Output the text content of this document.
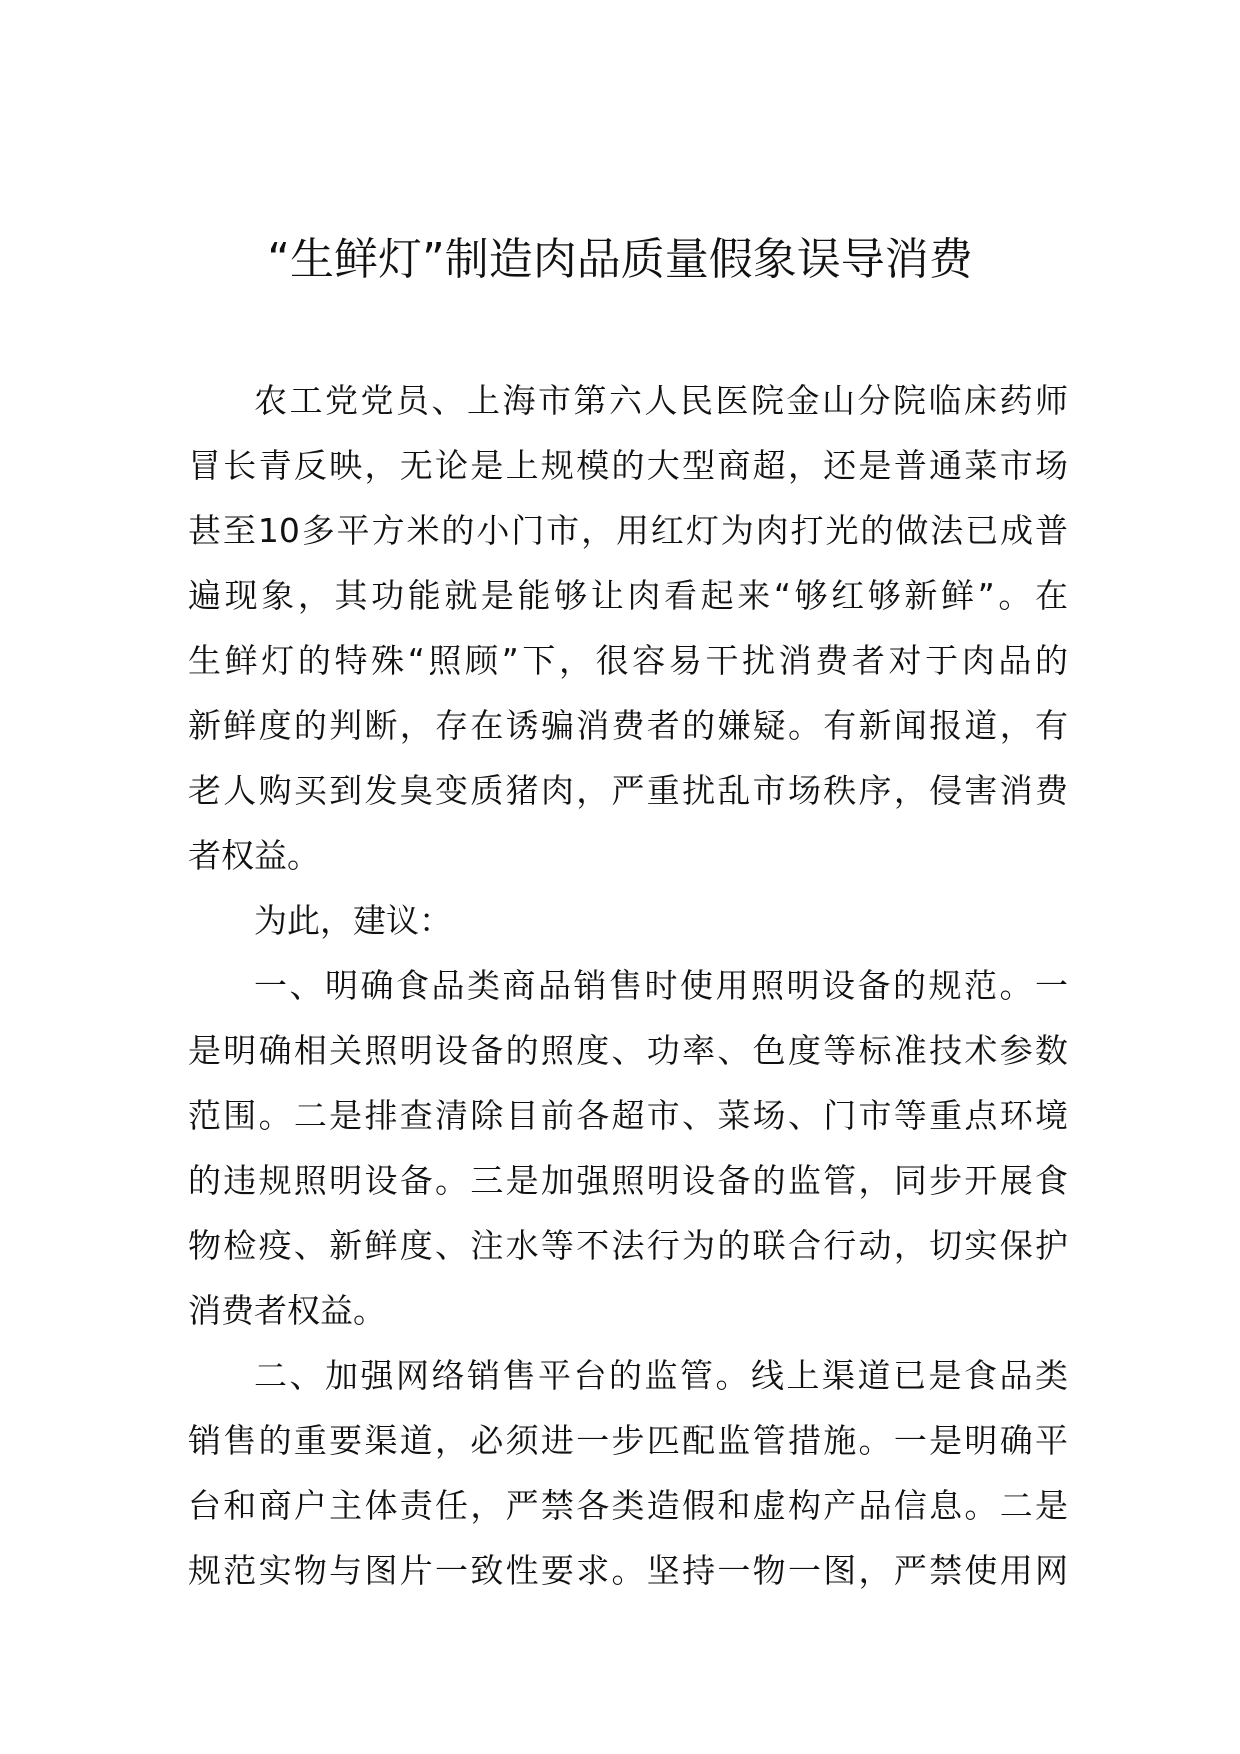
“生鲜灯”制造肉品质量假象误导消费
农工党党员、上海市第六人民医院金山分院临床药师
冒长青反映，无论是上规模的大型商超，还是普通菜市场
甚至10多平方米的小门市，用红灯为肉打光的做法已成普
遍现象，其功能就是能够让肉看起来“够红够新鲜”。在
生鲜灯的特殊“照顾”下，很容易干扰消费者对于肉品的
新鲜度的判断，存在诱骗消费者的嫌疑。有新闻报道，有
老人购买到发臭变质猪肉，严重扰乱市场秩序，侵害消费
者权益。
为此，建议：
一、明确食品类商品销售时使用照明设备的规范。一
是明确相关照明设备的照度、功率、色度等标准技术参数
范围。二是排查清除目前各超市、菜场、门市等重点环境
的违规照明设备。三是加强照明设备的监管，同步开展食
物检疫、新鲜度、注水等不法行为的联合行动，切实保护
消费者权益。
二、加强网络销售平台的监管。线上渠道已是食品类
销售的重要渠道，必须进一步匹配监管措施。一是明确平
台和商户主体责任，严禁各类造假和虚构产品信息。二是
规范实物与图片一致性要求。坚持一物一图，严禁使用网
